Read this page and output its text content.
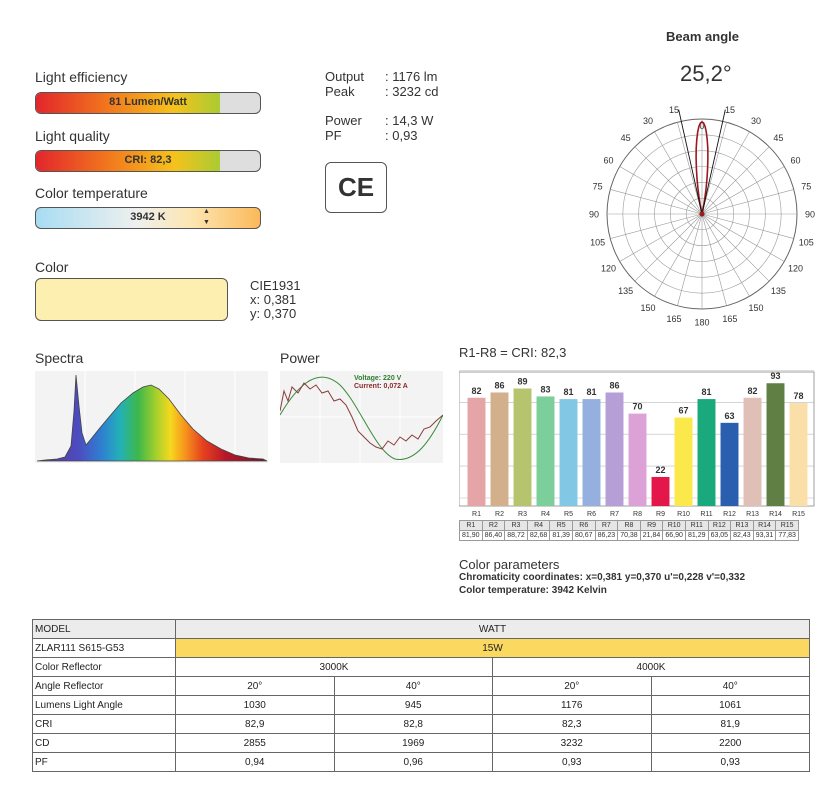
Light efficiency
81 Lumen/Watt
Light quality
CRI: 82,3
Color temperature
3942 K	▲
▼
Color
CIE1931
x: 0,381
y: 0,370
Output : 1176 lm
Peak : 3232 cd
Power : 14,3 W
PF	: 0,93
CE
Beam angle
25,2°
0
15
30
45
60
75
90
105
120
135
150
165 180
15
30
45
60
75
90
105
120
135
150
165
Spectra	Power
Voltage: 220 V
Current: 0,072 A
R1-R8 = CRI: 82,3
82
R1
86
R2
89
R3
83
R4
81
R5
81
R6
86
R7
70
R8
22
R9
67
R10
81
R11
63
R12
82
R13
93
R14
78
R15
R1	R2	R3	R4	R5	R6	R7	R8	R9	R10	R11	R12	R13	R14	R15
81,90	86,40	88,72	82,68	81,39	80,67	86,23	70,38	21,84	66,90	81,29	63,05	82,43	93,31	77,83
Color parameters
Chromaticity coordinates: x=0,381 y=0,370 u'=0,228 v'=0,332
Color temperature: 3942 Kelvin
MODEL	WATT			
ZLAR111 S615-G53	15W			
Color Reflector	3000K		4000K	
Angle Reflector	20°	40°	20°	40°
Lumens Light Angle	1030	945	1176	1061
CRI	82,9	82,8	82,3	81,9
CD	2855	1969	3232	2200
PF	0,94	0,96	0,93	0,93
